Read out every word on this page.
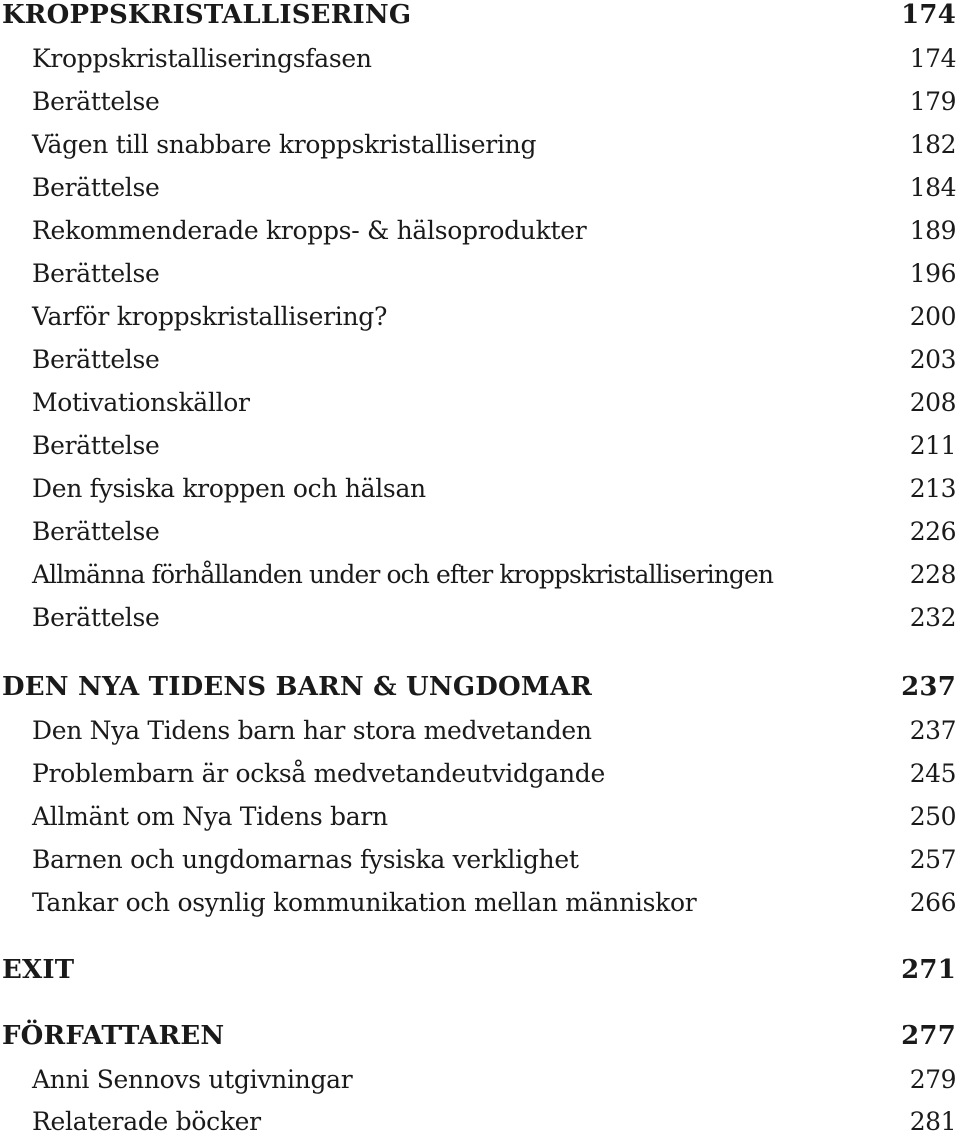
KROPPSKRISTALLISERING	174
Kroppskristalliseringsfasen	174
Berättelse	179
Vägen till snabbare kroppskristallisering	182
Berättelse	184
Rekommenderade kropps- & hälsoprodukter	189
Berättelse	196
Varför kroppskristallisering?	200
Berättelse	203
Motivationskällor	208
Berättelse	211
Den fysiska kroppen och hälsan	213
Berättelse	226
Allmänna förhållanden under och efter kroppskristalliseringen	228
Berättelse	232
DEN NYA TIDENS BARN & UNGDOMAR	237
Den Nya Tidens barn har stora medvetanden	237
Problembarn är också medvetandeutvidgande	245
Allmänt om Nya Tidens barn	250
Barnen och ungdomarnas fysiska verklighet	257
Tankar och osynlig kommunikation mellan människor	266
EXIT	271
FÖRFATTAREN	277
Anni Sennovs utgivningar	279
Relaterade böcker	281
